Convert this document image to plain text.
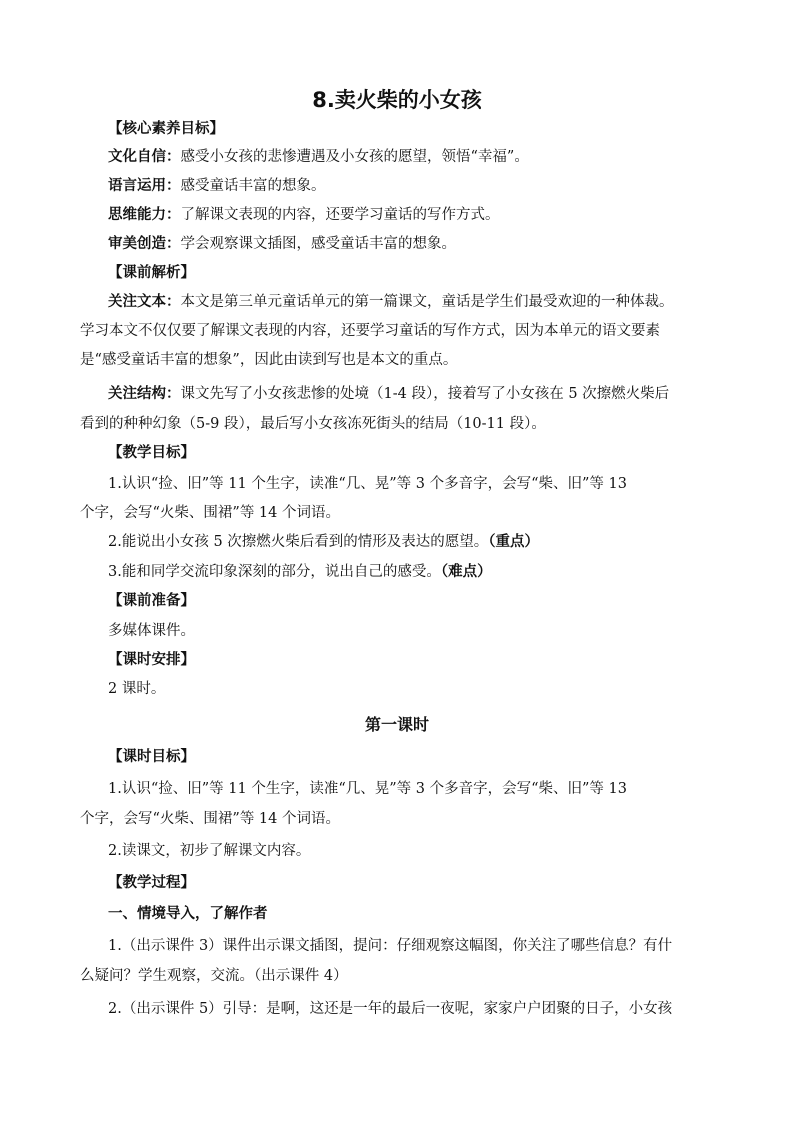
8.卖火柴的小女孩
【核心素养目标】
文化自信：感受小女孩的悲惨遭遇及小女孩的愿望，领悟“幸福”。
语言运用：感受童话丰富的想象。
思维能力：了解课文表现的内容，还要学习童话的写作方式。
审美创造：学会观察课文插图，感受童话丰富的想象。
【课前解析】
关注文本：本文是第三单元童话单元的第一篇课文，童话是学生们最受欢迎的一种体裁。
学习本文不仅仅要了解课文表现的内容，还要学习童话的写作方式，因为本单元的语文要素
是“感受童话丰富的想象”，因此由读到写也是本文的重点。
关注结构：课文先写了小女孩悲惨的处境（1-4 段），接着写了小女孩在 5 次擦燃火柴后
看到的种种幻象（5-9 段），最后写小女孩冻死街头的结局（10-11 段）。
【教学目标】
1.认识“捡、旧”等 11 个生字，读准“几、晃”等 3 个多音字，会写“柴、旧”等 13
个字，会写“火柴、围裙”等 14 个词语。
2.能说出小女孩 5 次擦燃火柴后看到的情形及表达的愿望。（重点）
3.能和同学交流印象深刻的部分，说出自己的感受。（难点）
【课前准备】
多媒体课件。
【课时安排】
2 课时。
第一课时
【课时目标】
1.认识“捡、旧”等 11 个生字，读准“几、晃”等 3 个多音字，会写“柴、旧”等 13
个字，会写“火柴、围裙”等 14 个词语。
2.读课文，初步了解课文内容。
【教学过程】
一、情境导入，了解作者
1.（出示课件 3）课件出示课文插图，提问：仔细观察这幅图，你关注了哪些信息？有什
么疑问？学生观察，交流。（出示课件 4）
2.（出示课件 5）引导：是啊，这还是一年的最后一夜呢，家家户户团聚的日子，小女孩
